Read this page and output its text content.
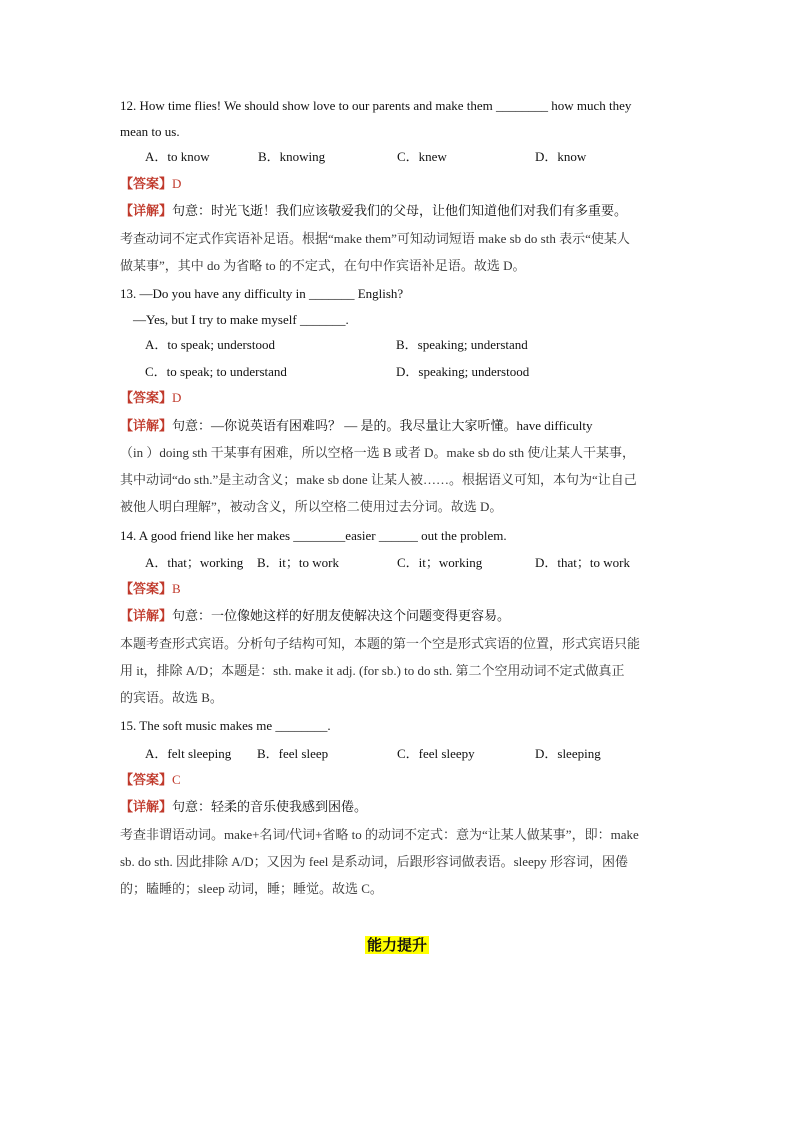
12. How time flies! We should show love to our parents and make them ________ how much they
mean to us.
A．to know	B．knowing	C．knew	D．know
【答案】D
【详解】句意：时光飞逝！我们应该敬爱我们的父母，让他们知道他们对我们有多重要。
考查动词不定式作宾语补足语。根据“make them”可知动词短语 make sb do sth 表示“使某人
做某事”，其中 do 为省略 to 的不定式，在句中作宾语补足语。故选 D。
13. —Do you have any difficulty in _______ English?
—Yes, but I try to make myself _______.
A．to speak; understood	B．speaking; understand
C．to speak; to understand	D．speaking; understood
【答案】D
【详解】句意：—你说英语有困难吗？ — 是的。我尽量让大家听懂。have difficulty
（in ）doing sth 干某事有困难，所以空格一选 B 或者 D。make sb do sth 使/让某人干某事，
其中动词“do sth.”是主动含义；make sb done 让某人被……。根据语义可知，本句为“让自己
被他人明白理解”，被动含义，所以空格二使用过去分词。故选 D。
14. A good friend like her makes ________easier ______ out the problem.
A．that；working B．it；to work	C．it；working	D．that；to work
【答案】B
【详解】句意：一位像她这样的好朋友使解决这个问题变得更容易。
本题考查形式宾语。分析句子结构可知，本题的第一个空是形式宾语的位置，形式宾语只能
用 it，排除 A/D；本题是：sth. make it adj. (for sb.) to do sth. 第二个空用动词不定式做真正
的宾语。故选 B。
15. The soft music makes me ________.
A．felt sleeping B．feel sleep	C．feel sleepy	D．sleeping
【答案】C
【详解】句意：轻柔的音乐使我感到困倦。
考查非谓语动词。make+名词/代词+省略 to 的动词不定式：意为“让某人做某事”，即：make
sb. do sth. 因此排除 A/D；又因为 feel 是系动词，后跟形容词做表语。sleepy 形容词，困倦
的；瞌睡的；sleep 动词，睡；睡觉。故选 C。
能力提升
